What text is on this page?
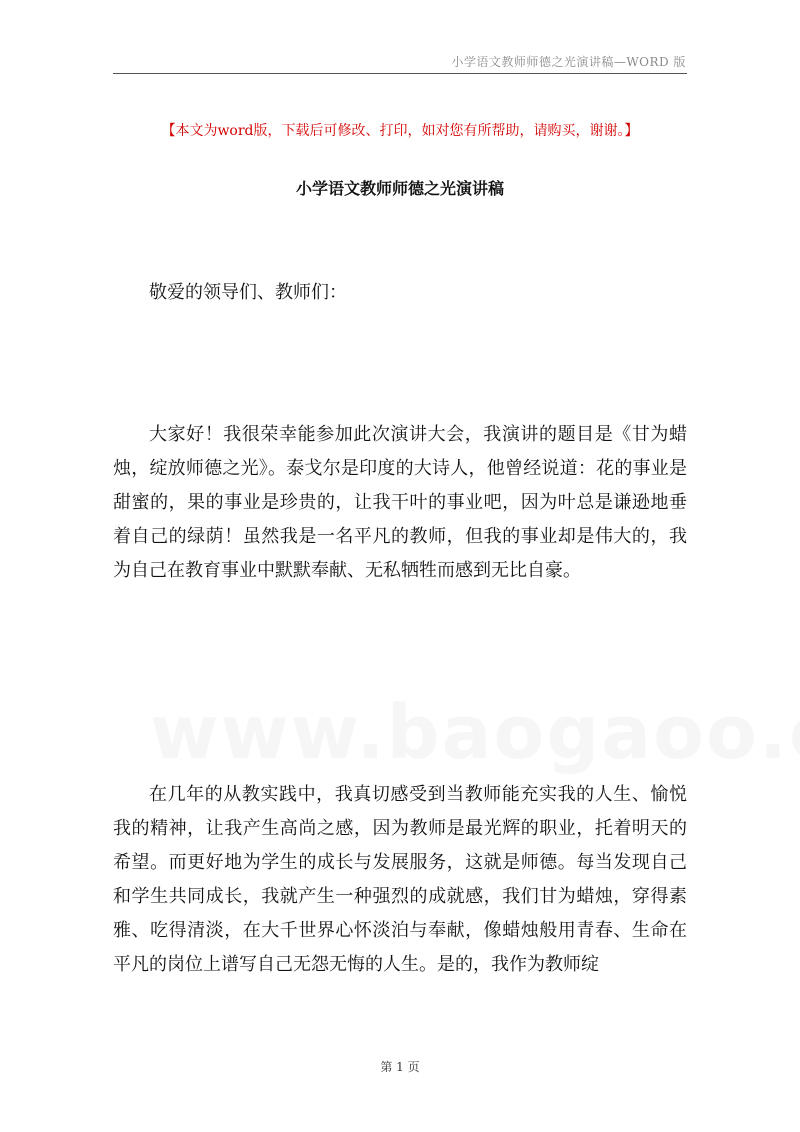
小学语文教师师德之光演讲稿—WORD 版
【本文为word版，下载后可修改、打印，如对您有所帮助，请购买，谢谢。】
小学语文教师师德之光演讲稿

敬爱的领导们、教师们：

大家好！我很荣幸能参加此次演讲大会，我演讲的题目是《甘为蜡烛，绽放师德之光》。泰戈尔是印度的大诗人，他曾经说道：花的事业是甜蜜的，果的事业是珍贵的，让我干叶的事业吧，因为叶总是谦逊地垂着自己的绿荫！虽然我是一名平凡的教师，但我的事业却是伟大的，我为自己在教育事业中默默奉献、无私牺牲而感到无比自豪。

在几年的从教实践中，我真切感受到当教师能充实我的人生、愉悦我的精神，让我产生高尚之感，因为教师是最光辉的职业，托着明天的希望。而更好地为学生的成长与发展服务，这就是师德。每当发现自己和学生共同成长，我就产生一种强烈的成就感，我们甘为蜡烛，穿得素雅、吃得清淡，在大千世界心怀淡泊与奉献，像蜡烛般用青春、生命在平凡的岗位上谱写自己无怨无悔的人生。是的，我作为教师绽

第 1 页
